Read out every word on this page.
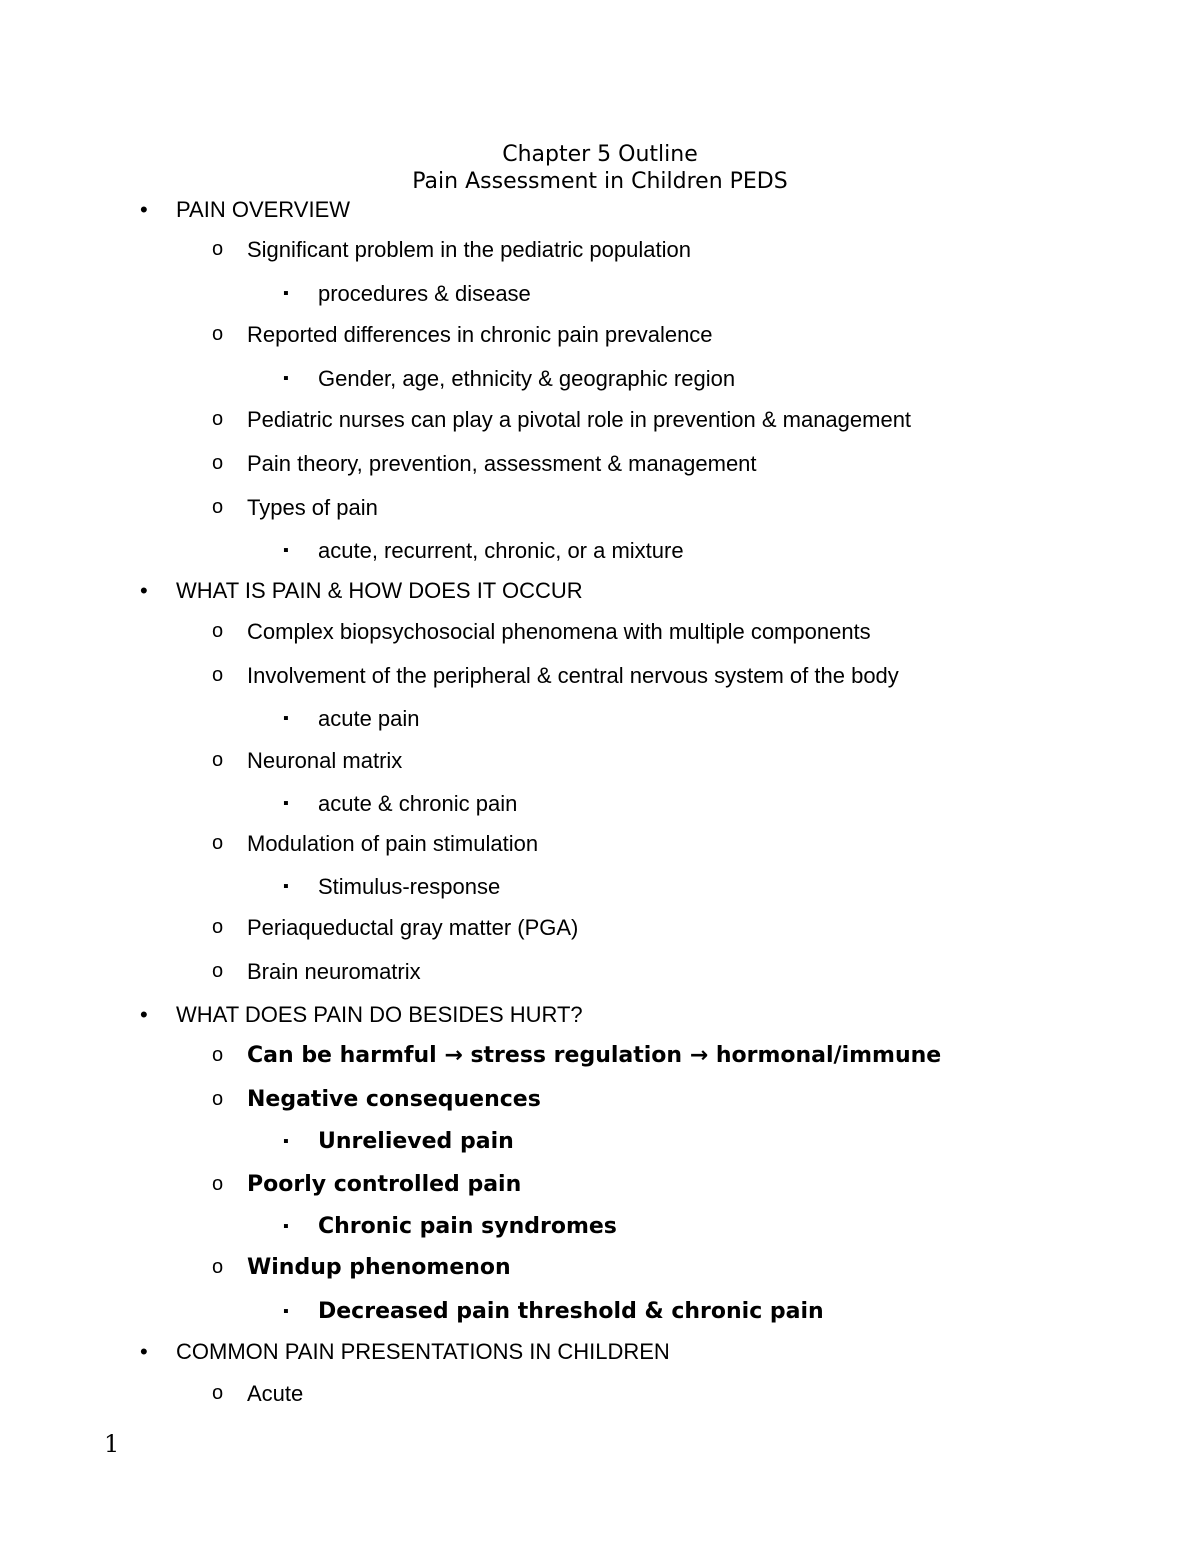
Chapter 5 Outline
Pain Assessment in Children PEDS
• PAIN OVERVIEW
o Significant problem in the pediatric population
▪ procedures & disease
o Reported differences in chronic pain prevalence
▪ Gender, age, ethnicity & geographic region
o Pediatric nurses can play a pivotal role in prevention & management
o Pain theory, prevention, assessment & management
o Types of pain
▪ acute, recurrent, chronic, or a mixture
• WHAT IS PAIN & HOW DOES IT OCCUR
o Complex biopsychosocial phenomena with multiple components
o Involvement of the peripheral & central nervous system of the body
▪ acute pain
o Neuronal matrix
▪ acute & chronic pain
o Modulation of pain stimulation
▪ Stimulus-response
o Periaqueductal gray matter (PGA)
o Brain neuromatrix
• WHAT DOES PAIN DO BESIDES HURT?
o Can be harmful → stress regulation → hormonal/immune
o Negative consequences
▪ Unrelieved pain
o Poorly controlled pain
▪ Chronic pain syndromes
o Windup phenomenon
▪ Decreased pain threshold & chronic pain
• COMMON PAIN PRESENTATIONS IN CHILDREN
o Acute
1
